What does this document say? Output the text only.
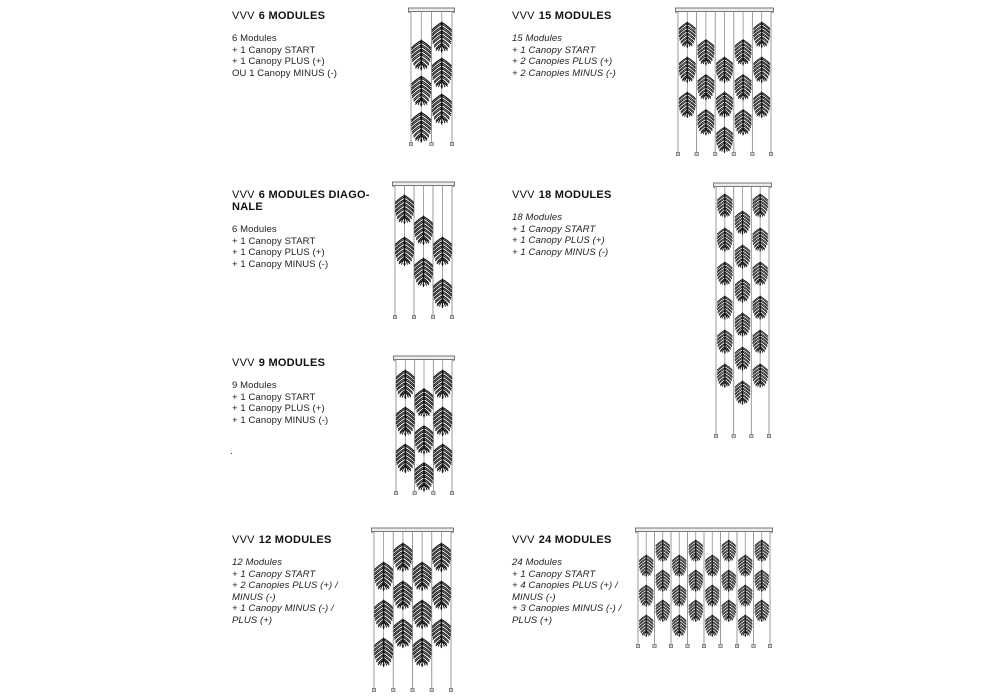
VVV 6 MODULES
6 Modules
+ 1 Canopy START
+ 1 Canopy PLUS (+)
OU 1 Canopy MINUS (-)
VVV 15 MODULES
15 Modules
+ 1 Canopy START
+ 2 Canopies PLUS (+)
+ 2 Canopies MINUS (-)
VVV 6 MODULES DIAGO-
NALE
6 Modules
+ 1 Canopy START
+ 1 Canopy PLUS (+)
+ 1 Canopy MINUS (-)
VVV 18 MODULES
18 Modules
+ 1 Canopy START
+ 1 Canopy PLUS (+)
+ 1 Canopy MINUS (-)
VVV 9 MODULES
9 Modules
+ 1 Canopy START
+ 1 Canopy PLUS (+)
+ 1 Canopy MINUS (-)
VVV 12 MODULES
12 Modules
+ 1 Canopy START
+ 2 Canopies PLUS (+) /
MINUS (-)
+ 1 Canopy MINUS (-) /
PLUS (+)
VVV 24 MODULES
24 Modules
+ 1 Canopy START
+ 4 Canopies PLUS (+) /
MINUS (-)
+ 3 Canopies MINUS (-) /
PLUS (+)
.
